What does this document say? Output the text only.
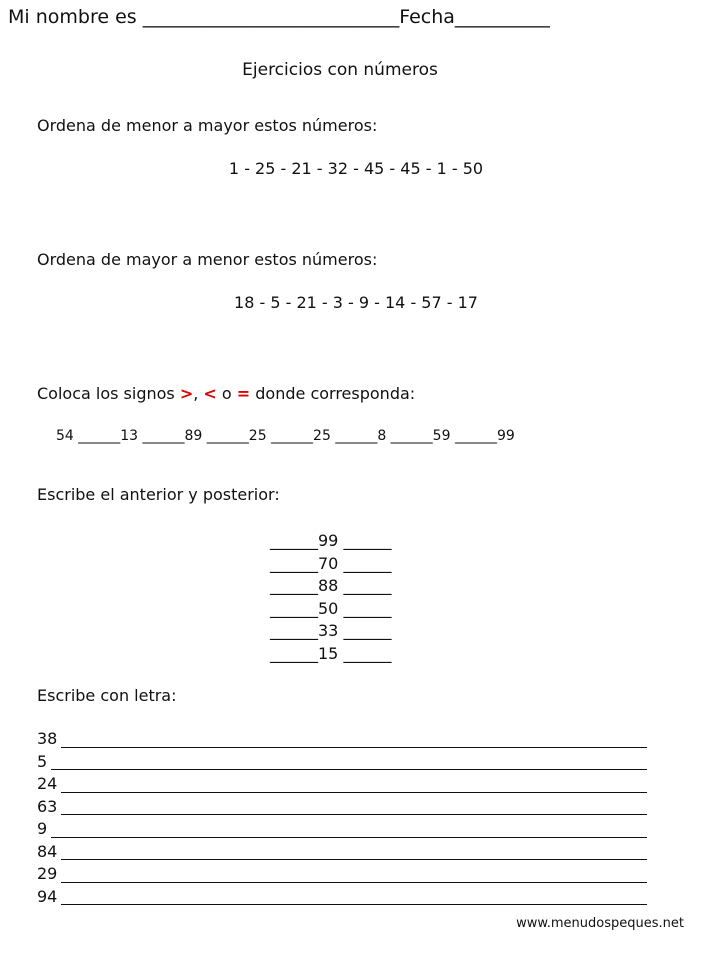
Mi nombre es ___________________________Fecha__________
Ejercicios con números
Ordena de menor a mayor estos números:
1 - 25 - 21 - 32 - 45 - 45 - 1 - 50
Ordena de mayor a menor estos números:
18 - 5 - 21 - 3 - 9 - 14 - 57 - 17
Coloca los signos >, < o = donde corresponda:
54 ______13 ______89 ______25 ______25 ______8 ______59 ______99
Escribe el anterior y posterior:
______99 ______
______70 ______
______88 ______
______50 ______
______33 ______
______15 ______
Escribe con letra:
38
5
24
63
9
84
29
94
www.menudospeques.net
